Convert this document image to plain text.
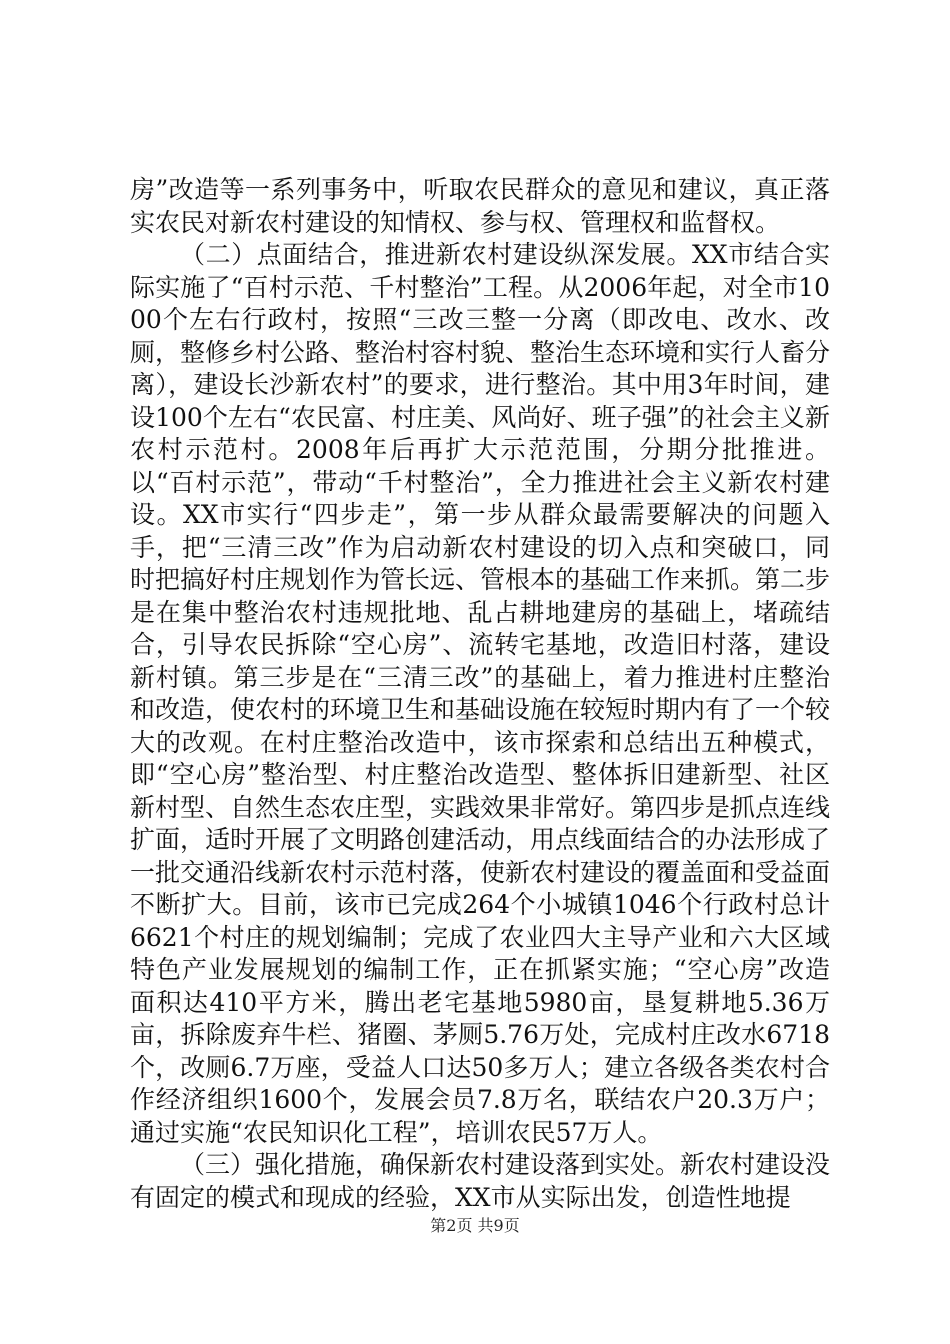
房”改造等一系列事务中，听取农民群众的意见和建议，真正落实农民对新农村建设的知情权、参与权、管理权和监督权。

（二）点面结合，推进新农村建设纵深发展。XX市结合实际实施了“百村示范、千村整治”工程。从2006年起，对全市1000个左右行政村，按照“三改三整一分离（即改电、改水、改厕，整修乡村公路、整治村容村貌、整治生态环境和实行人畜分离），建设长沙新农村”的要求，进行整治。其中用3年时间，建设100个左右“农民富、村庄美、风尚好、班子强”的社会主义新农村示范村。2008年后再扩大示范范围，分期分批推进。以“百村示范”，带动“千村整治”，全力推进社会主义新农村建设。XX市实行“四步走”，第一步从群众最需要解决的问题入手，把“三清三改”作为启动新农村建设的切入点和突破口，同时把搞好村庄规划作为管长远、管根本的基础工作来抓。第二步是在集中整治农村违规批地、乱占耕地建房的基础上，堵疏结合，引导农民拆除“空心房”、流转宅基地，改造旧村落，建设新村镇。第三步是在“三清三改”的基础上，着力推进村庄整治和改造，使农村的环境卫生和基础设施在较短时期内有了一个较大的改观。在村庄整治改造中，该市探索和总结出五种模式，即“空心房”整治型、村庄整治改造型、整体拆旧建新型、社区新村型、自然生态农庄型，实践效果非常好。第四步是抓点连线扩面，适时开展了文明路创建活动，用点线面结合的办法形成了一批交通沿线新农村示范村落，使新农村建设的覆盖面和受益面不断扩大。目前，该市已完成264个小城镇1046个行政村总计6621个村庄的规划编制；完成了农业四大主导产业和六大区域特色产业发展规划的编制工作，正在抓紧实施；“空心房”改造面积达410平方米，腾出老宅基地5980亩，垦复耕地5.36万亩，拆除废弃牛栏、猪圈、茅厕5.76万处，完成村庄改水6718个，改厕6.7万座，受益人口达50多万人；建立各级各类农村合作经济组织1600个，发展会员7.8万名，联结农户20.3万户；通过实施“农民知识化工程”，培训农民57万人。

（三）强化措施，确保新农村建设落到实处。新农村建设没有固定的模式和现成的经验，XX市从实际出发，创造性地提

第2页 共9页
